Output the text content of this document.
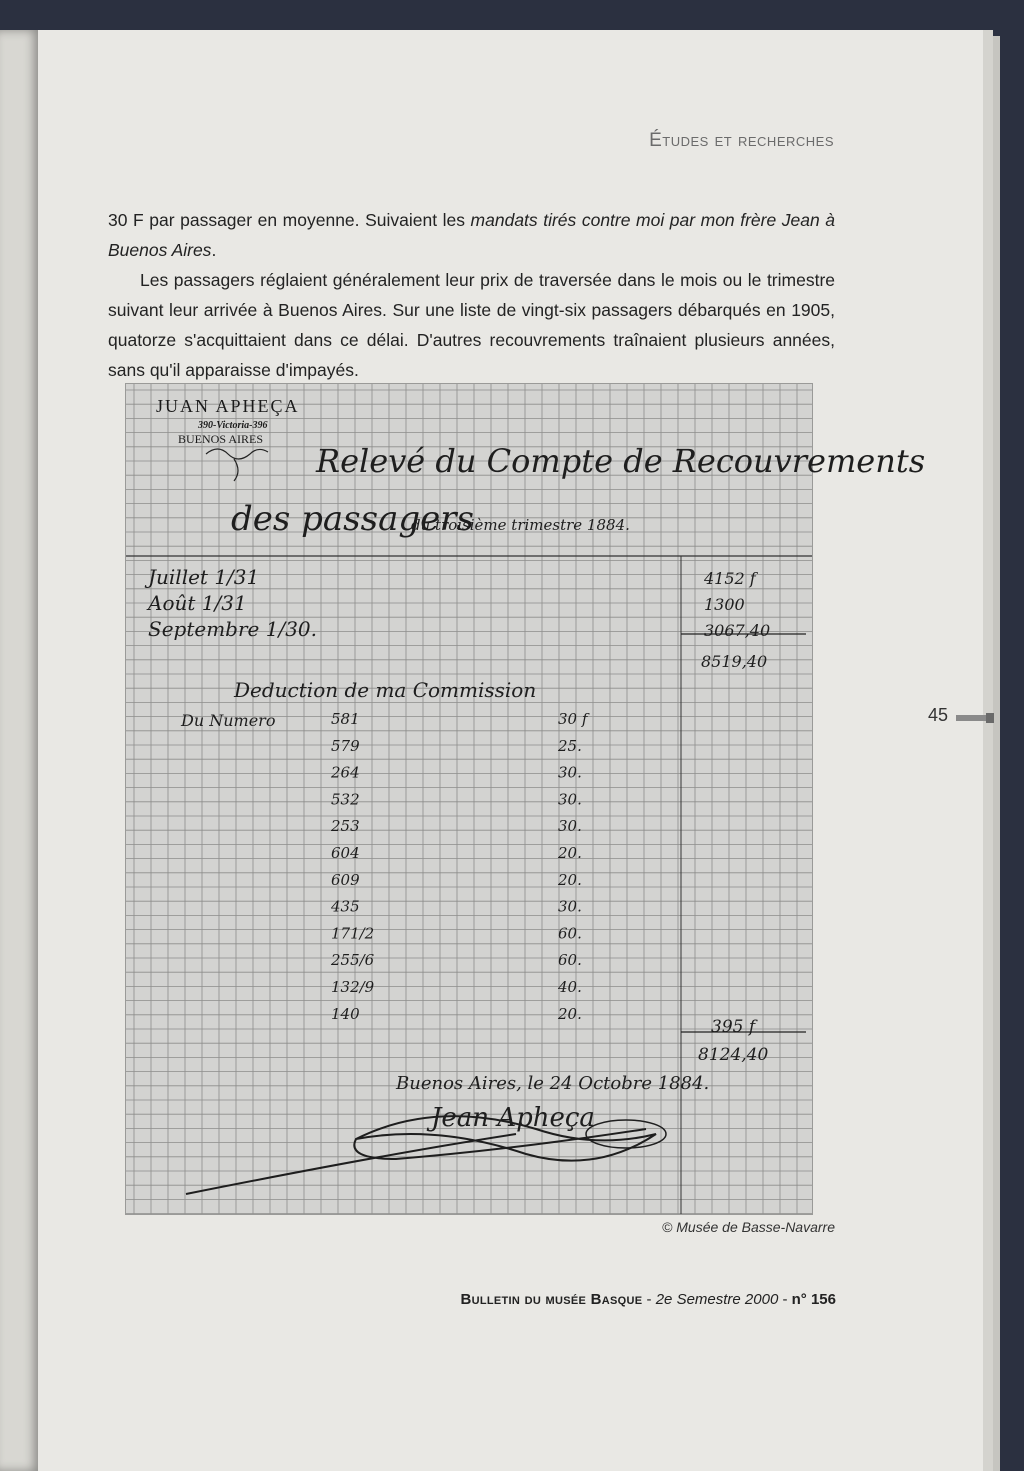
Études et recherches

30 F par passager en moyenne. Suivaient les mandats tirés contre moi par mon frère Jean à Buenos Aires.

Les passagers réglaient généralement leur prix de traversée dans le mois ou le trimestre suivant leur arrivée à Buenos Aires. Sur une liste de vingt-six passagers débarqués en 1905, quatorze s'acquittaient dans ce délai. D'autres recouvrements traînaient plusieurs années, sans qu'il apparaisse d'impayés.

JUAN APHEÇA
390-Victoria-396
BUENOS AIRES
Relevé du Compte de Recouvrements
des passagers
du troisième trimestre 1884.
Juillet 1/31	4152 f
Août 1/31	1300
Septembre 1/30.	3067,40
8519,40
Deduction de ma Commission
Du Numero	581	30 f
579	25.
264	30.
532	30.
253	30.
604	20.
609	20.
435	30.
171/2	60.
255/6	60.
132/9	40.
140	20.
395 f
8124,40
Buenos Aires, le 24 Octobre 1884.
Jean Apheça
© Musée de Basse-Navarre
45
Bulletin du musée Basque - 2e Semestre 2000 - n° 156
